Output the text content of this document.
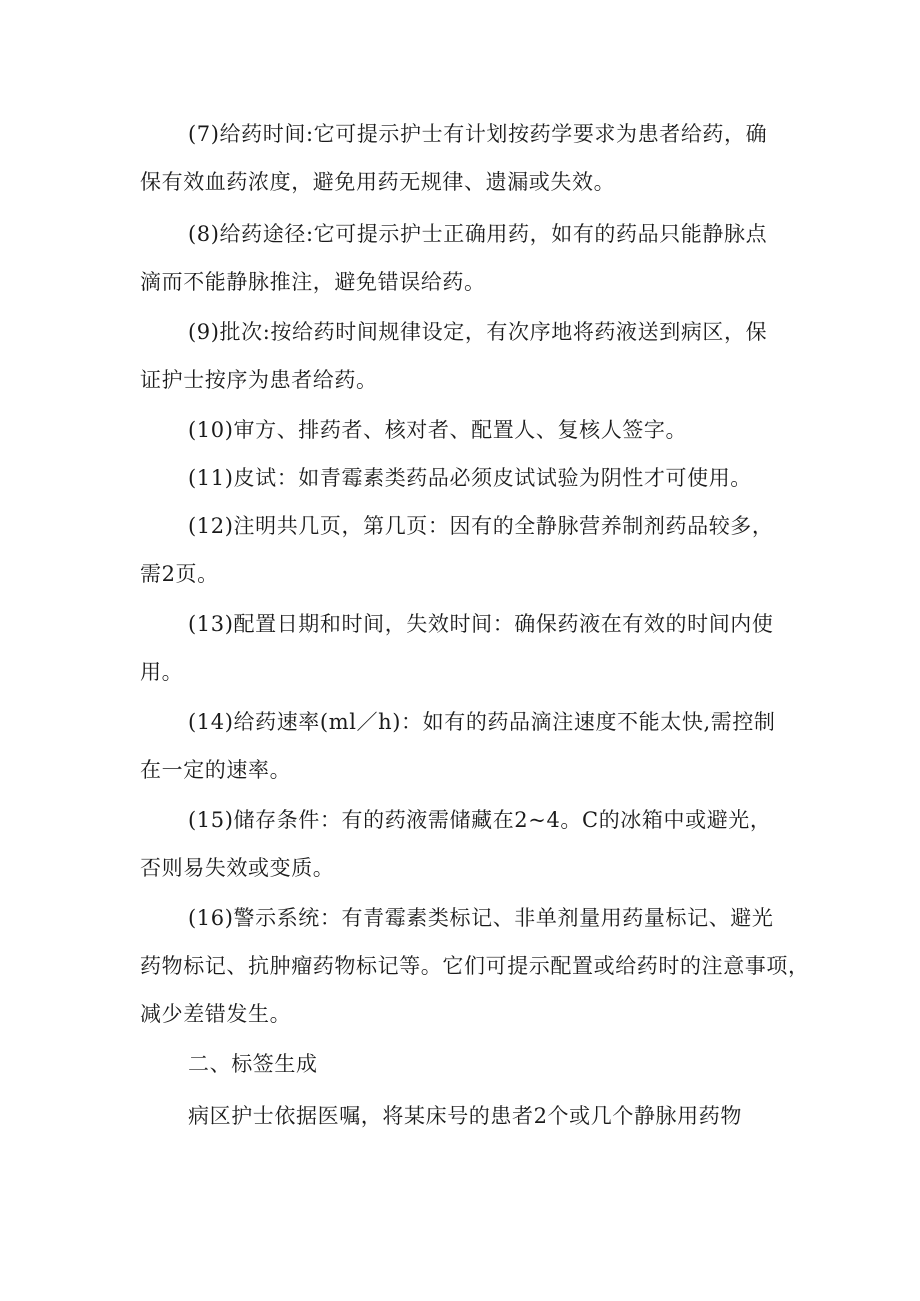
(7)给药时间:它可提示护士有计划按药学要求为患者给药，确
保有效血药浓度，避免用药无规律、遗漏或失效。

(8)给药途径:它可提示护士正确用药，如有的药品只能静脉点
滴而不能静脉推注，避免错误给药。

(9)批次:按给药时间规律设定，有次序地将药液送到病区，保
证护士按序为患者给药。

(10)审方、排药者、核对者、配置人、复核人签字。

(11)皮试：如青霉素类药品必须皮试试验为阴性才可使用。

(12)注明共几页，第几页：因有的全静脉营养制剂药品较多，
需2页。

(13)配置日期和时间，失效时间：确保药液在有效的时间内使
用。

(14)给药速率(ml／h)：如有的药品滴注速度不能太快,需控制
在一定的速率。

(15)储存条件：有的药液需储藏在2~4。C的冰箱中或避光，
否则易失效或变质。

(16)警示系统：有青霉素类标记、非单剂量用药量标记、避光
药物标记、抗肿瘤药物标记等。它们可提示配置或给药时的注意事项，
减少差错发生。

二、标签生成

病区护士依据医嘱，将某床号的患者2个或几个静脉用药物
